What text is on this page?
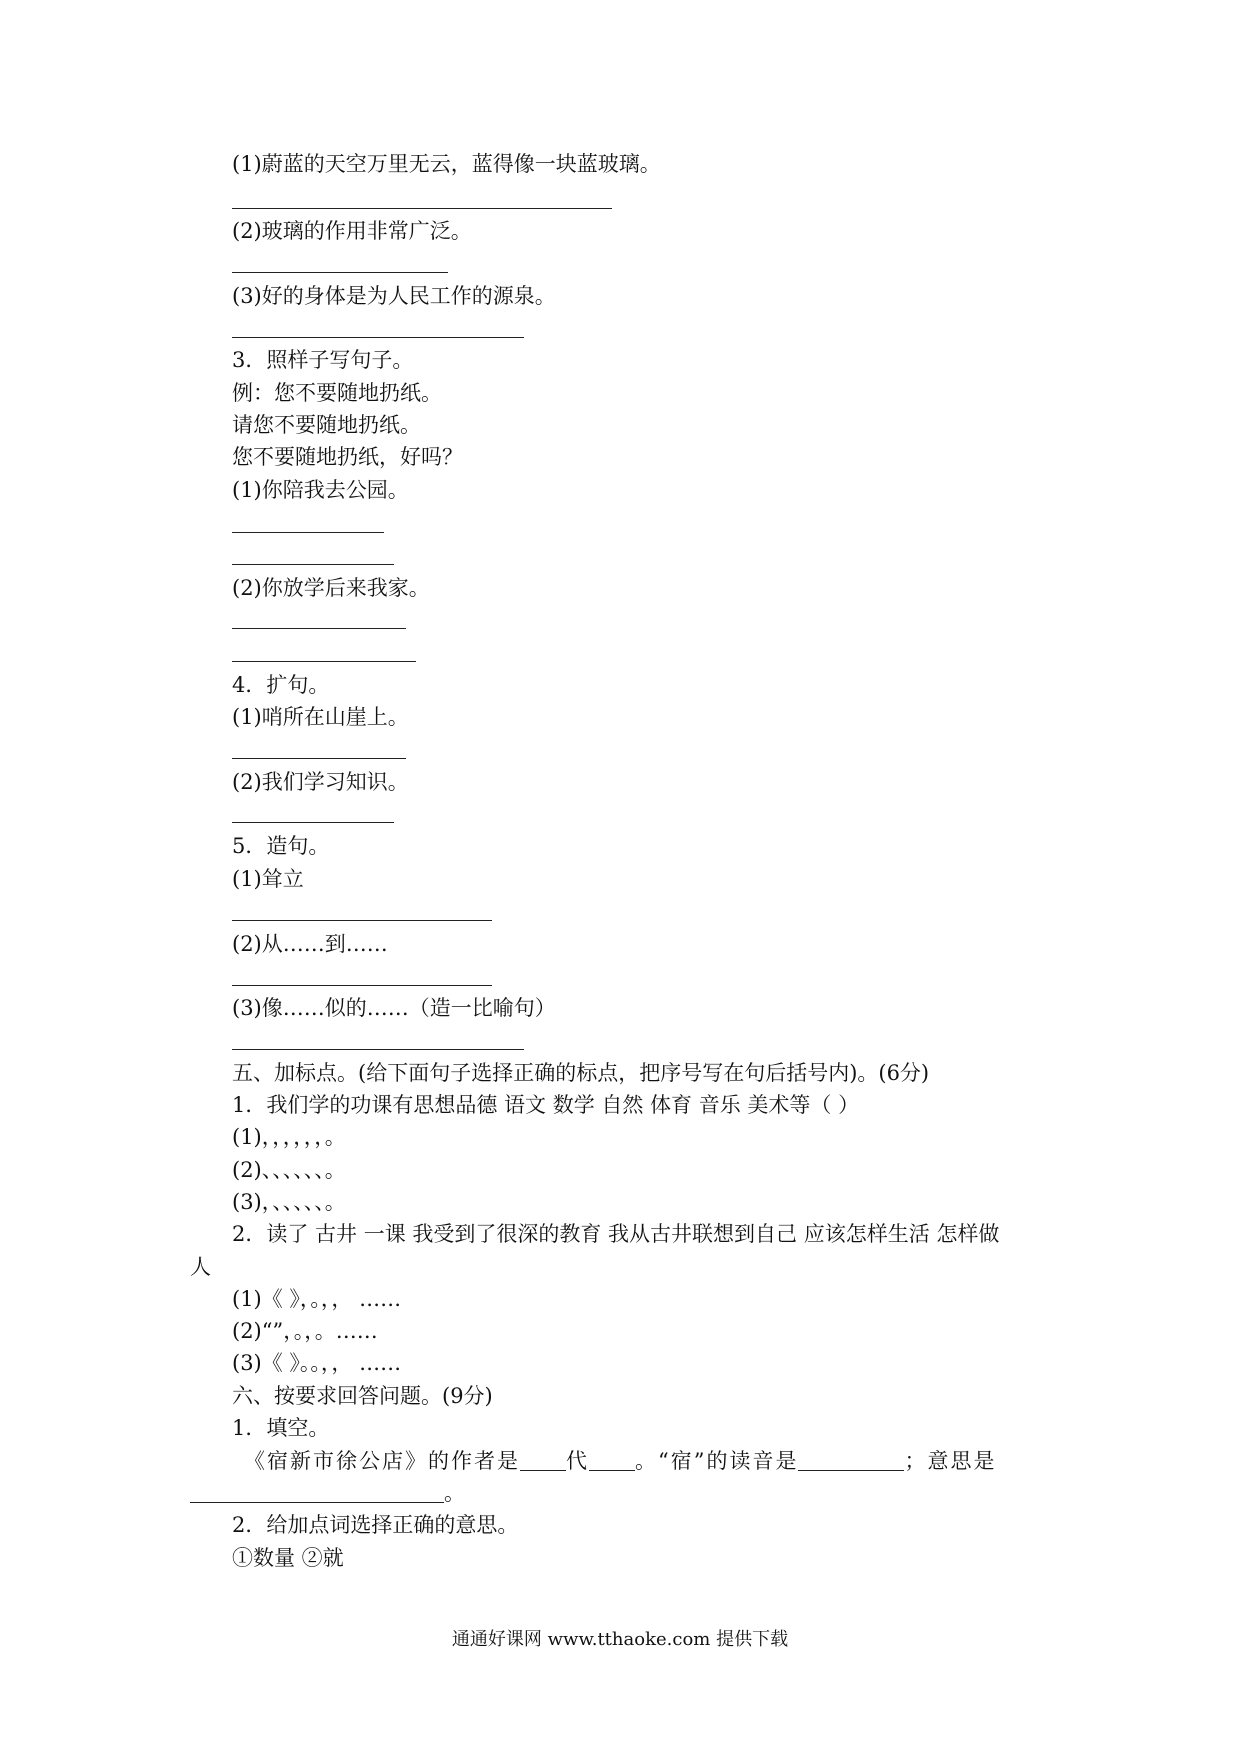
(1)蔚蓝的天空万里无云，蓝得像一块蓝玻璃。
(2)玻璃的作用非常广泛。
(3)好的身体是为人民工作的源泉。
3．照样子写句子。
例：您不要随地扔纸。
请您不要随地扔纸。
您不要随地扔纸，好吗？
(1)你陪我去公园。
(2)你放学后来我家。
4．扩句。
(1)哨所在山崖上。
(2)我们学习知识。
5．造句。
(1)耸立
(2)从……到……
(3)像……似的……（造一比喻句）
五、加标点。(给下面句子选择正确的标点，把序号写在句后括号内)。(6分)
1．我们学的功课有思想品德 语文 数学 自然 体育 音乐 美术等（ ）
(1)，，，，，，。
(2)、、、、、、。
(3)，、、、、、。
2．读了 古井 一课 我受到了很深的教育 我从古井联想到自己 应该怎样生活 怎样做
人
(1)《 》，。，， ……
(2)“”，。，。……
(3)《 》。。，， ……
六、按要求回答问题。(9分)
1．填空。
《宿新市徐公店》的作者是 代 。“宿”的读音是	；意思是
。
2．给加点词选择正确的意思。
①数量 ②就
通通好课网 www.tthaoke.com 提供下载
